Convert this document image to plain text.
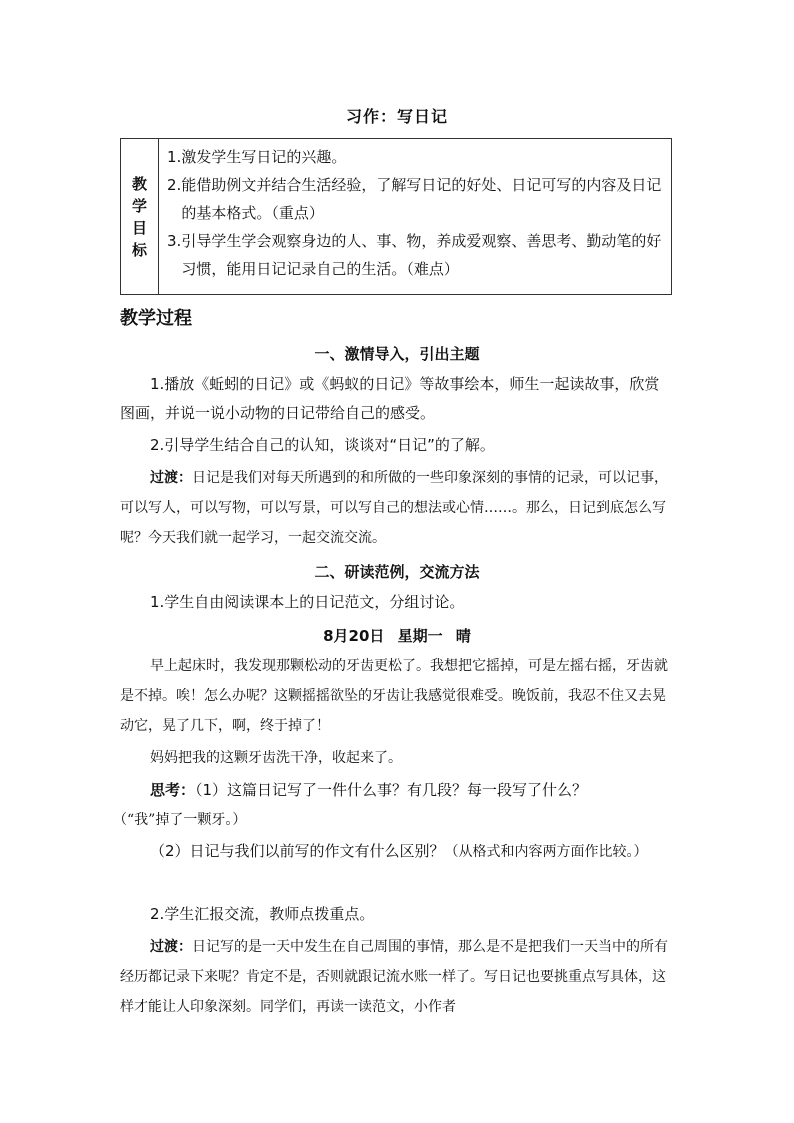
习作：写日记
教学目标
1. 激发学生写日记的兴趣。
2. 能借助例文并结合生活经验，了解写日记的好处、日记可写的内容及日记的基本格式。（重点）
3. 引导学生学会观察身边的人、事、物，养成爱观察、善思考、勤动笔的好习惯，能用日记记录自己的生活。（难点）
教学过程
一、激情导入，引出主题
1.播放《蚯蚓的日记》或《蚂蚁的日记》等故事绘本，师生一起读故事，欣赏图画，并说一说小动物的日记带给自己的感受。
2.引导学生结合自己的认知，谈谈对“日记”的了解。
过渡：日记是我们对每天所遇到的和所做的一些印象深刻的事情的记录，可以记事，可以写人，可以写物，可以写景，可以写自己的想法或心情……。那么，日记到底怎么写呢？今天我们就一起学习，一起交流交流。
二、研读范例，交流方法
1.学生自由阅读课本上的日记范文，分组讨论。
8月20日 星期一 晴
早上起床时，我发现那颗松动的牙齿更松了。我想把它摇掉，可是左摇右摇，牙齿就是不掉。唉！怎么办呢？这颗摇摇欲坠的牙齿让我感觉很难受。晚饭前，我忍不住又去晃动它，晃了几下，啊，终于掉了！
妈妈把我的这颗牙齿洗干净，收起来了。
思考：（1）这篇日记写了一件什么事？有几段？每一段写了什么？
（“我”掉了一颗牙。）
（2）日记与我们以前写的作文有什么区别？（从格式和内容两方面作比较。）
2.学生汇报交流，教师点拨重点。
过渡：日记写的是一天中发生在自己周围的事情，那么是不是把我们一天当中的所有经历都记录下来呢？肯定不是，否则就跟记流水账一样了。写日记也要挑重点写具体，这样才能让人印象深刻。同学们，再读一读范文，小作者
